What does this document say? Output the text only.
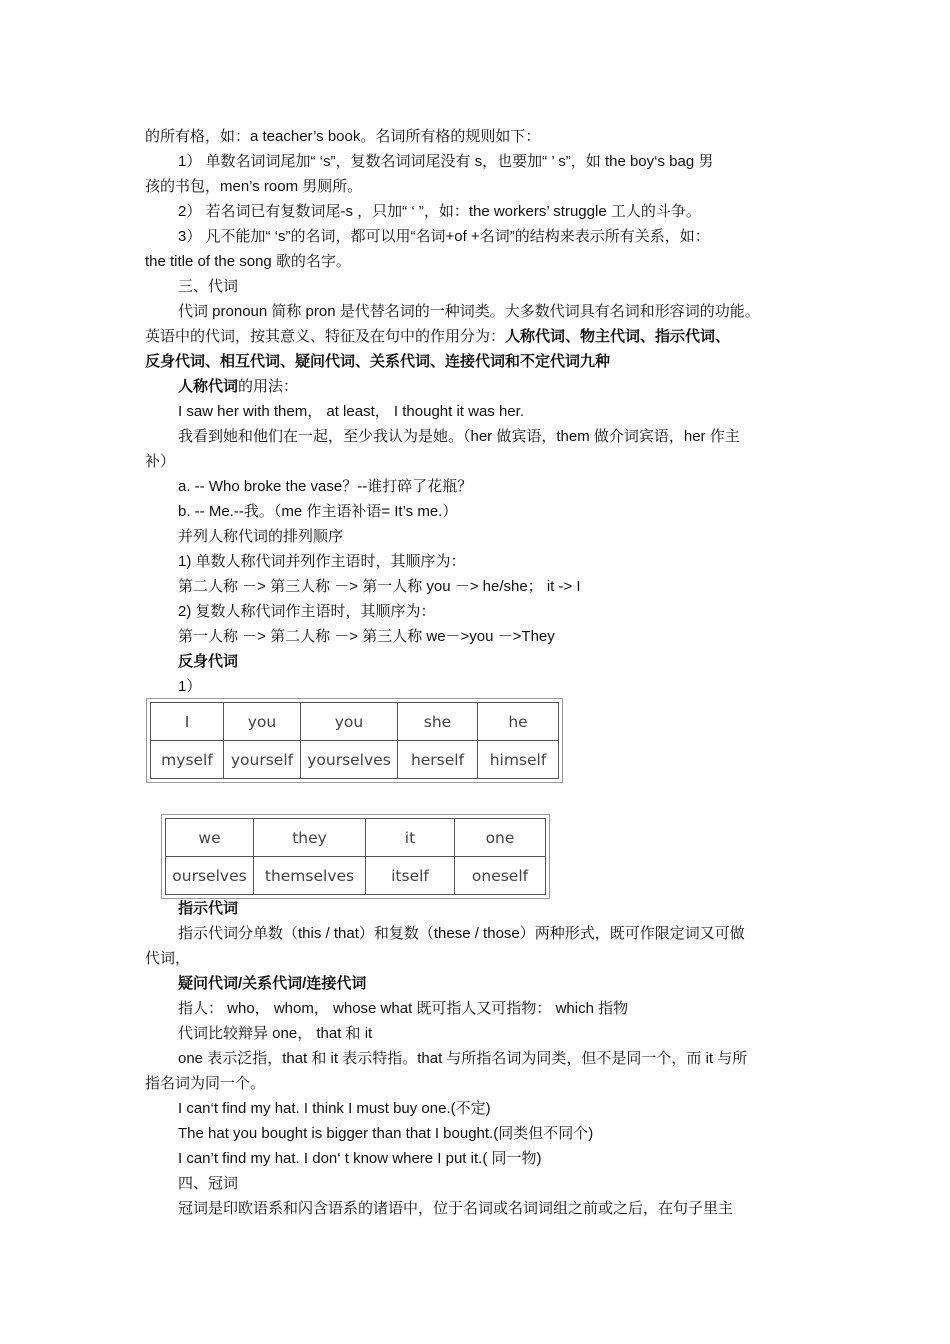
的所有格，如：a teacher’s book。名词所有格的规则如下：
1） 单数名词词尾加“ ‘s”，复数名词词尾没有 s，也要加“ ’ s”，如 the boy‘s bag 男
孩的书包，men’s room 男厕所。
2） 若名词已有复数词尾-s ，只加“ ‘ ”，如：the workers’ struggle 工人的斗争。
3） 凡不能加“ ‘s”的名词，都可以用“名词+of +名词”的结构来表示所有关系，如：
the title of the song 歌的名字。
三、代词
代词 pronoun 简称 pron 是代替名词的一种词类。大多数代词具有名词和形容词的功能。
英语中的代词，按其意义、特征及在句中的作用分为：人称代词、物主代词、指示代词、
反身代词、相互代词、疑问代词、关系代词、连接代词和不定代词九种
人称代词的用法：
I saw her with them， at least， I thought it was her.
我看到她和他们在一起，至少我认为是她。（her 做宾语，them 做介词宾语，her 作主
补）
a. -- Who broke the vase？--谁打碎了花瓶？
b. -- Me.--我。（me 作主语补语= It’s me.）
并列人称代词的排列顺序
1) 单数人称代词并列作主语时，其顺序为：
第二人称 －> 第三人称 －> 第一人称 you －> he/she； it -> I
2) 复数人称代词作主语时，其顺序为：
第一人称 －> 第二人称 －> 第三人称 we－>you －>They
反身代词
1）
I	you	you	she	he
myself	yourself	yourselves	herself	himself
we	they	it	one
ourselves	themselves	itself	oneself
指示代词
指示代词分单数（this / that）和复数（these / those）两种形式，既可作限定词又可做
代词，
疑问代词/关系代词/连接代词
指人： who， whom， whose what 既可指人又可指物： which 指物
代词比较辩异 one， that 和 it
one 表示泛指，that 和 it 表示特指。that 与所指名词为同类，但不是同一个，而 it 与所
指名词为同一个。
I can‘t find my hat. I think I must buy one.(不定)
The hat you bought is bigger than that I bought.(同类但不同个)
I can’t find my hat. I don‘ t know where I put it.( 同一物)
四、冠词
冠词是印欧语系和闪含语系的诸语中，位于名词或名词词组之前或之后，在句子里主
